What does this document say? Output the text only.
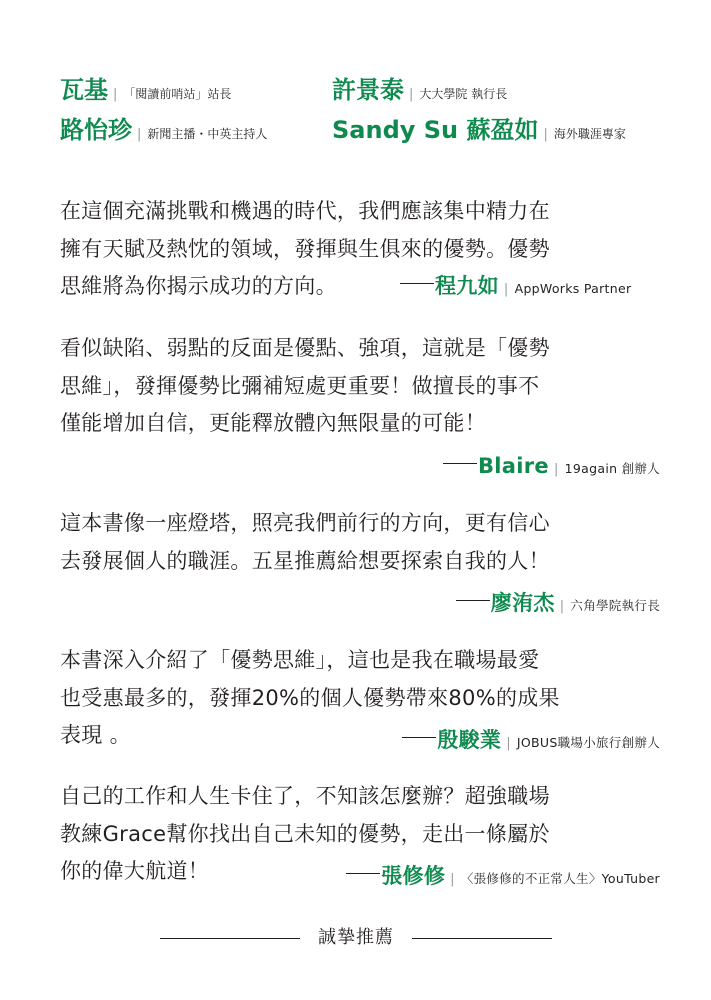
瓦基 | 「閱讀前哨站」站長	許景泰 | 大大學院 執行長
路怡珍 | 新聞主播・中英主持人	Sandy Su 蘇盈如 | 海外職涯專家

在這個充滿挑戰和機遇的時代，我們應該集中精力在

擁有天賦及熱忱的領域，發揮與生俱來的優勢。優勢

思維將為你揭示成功的方向。	程九如 | AppWorks Partner

看似缺陷、弱點的反面是優點、強項，這就是「優勢

思維」，發揮優勢比彌補短處更重要！做擅長的事不

僅能增加自信，更能釋放體內無限量的可能！

Blaire | 19again 創辦人

這本書像一座燈塔，照亮我們前行的方向，更有信心

去發展個人的職涯。五星推薦給想要探索自我的人！

廖洧杰 | 六角學院執行長

本書深入介紹了「優勢思維」，這也是我在職場最愛

也受惠最多的，發揮20%的個人優勢帶來80%的成果

表現 。	殷駿業 | JOBUS職場小旅行創辦人

自己的工作和人生卡住了，不知該怎麼辦？超強職場

教練Grace幫你找出自己未知的優勢，走出一條屬於

你的偉大航道！	張修修 | 〈張修修的不正常人生〉YouTuber
誠摯推薦
